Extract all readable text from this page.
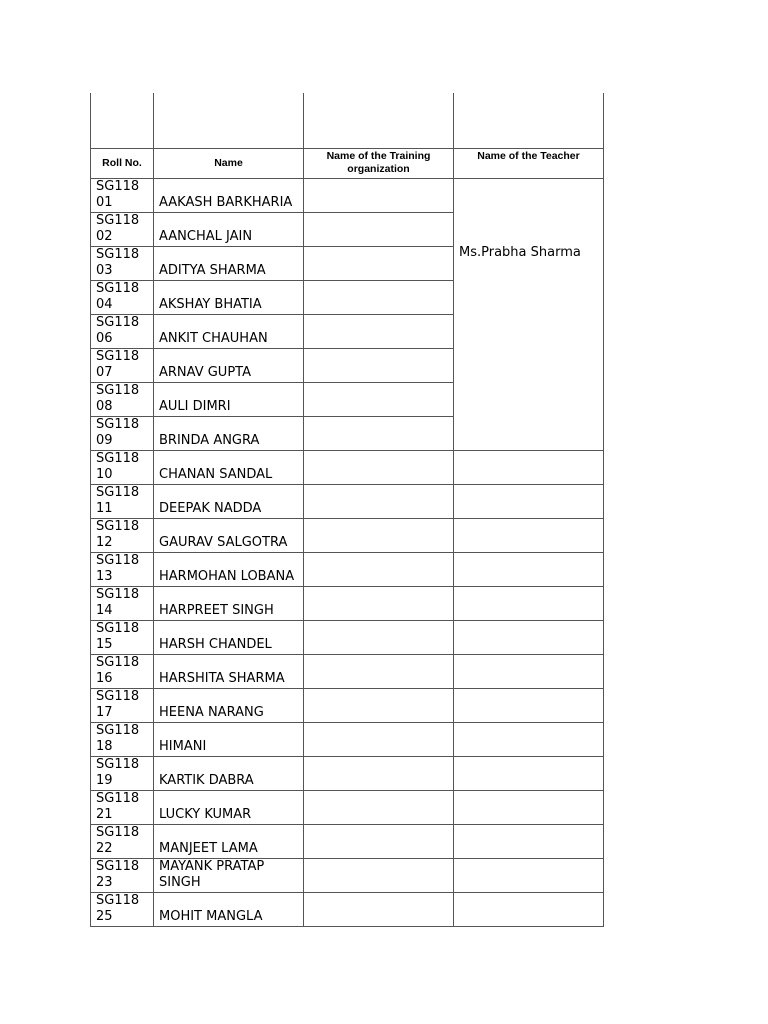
Roll No.	Name	Name of the Training organization	Name of the Teacher
SG118 01	AAKASH BARKHARIA		Ms.Prabha Sharma
SG118 02	AANCHAL JAIN		

SG118 03	ADITYA SHARMA		

SG118 04	AKSHAY BHATIA		

SG118 06	ANKIT CHAUHAN		

SG118 07	ARNAV GUPTA		

SG118 08	AULI DIMRI		

SG118 09	BRINDA ANGRA		

SG118 10	CHANAN SANDAL		

SG118 11	DEEPAK NADDA		

SG118 12	GAURAV SALGOTRA		

SG118 13	HARMOHAN LOBANA		

SG118 14	HARPREET SINGH		

SG118 15	HARSH CHANDEL		

SG118 16	HARSHITA SHARMA		

SG118 17	HEENA NARANG		

SG118 18	HIMANI		

SG118 19	KARTIK DABRA		

SG118 21	LUCKY KUMAR		

SG118 22	MANJEET LAMA		

SG118 23	MAYANK PRATAP SINGH		

SG118 25	MOHIT MANGLA		
